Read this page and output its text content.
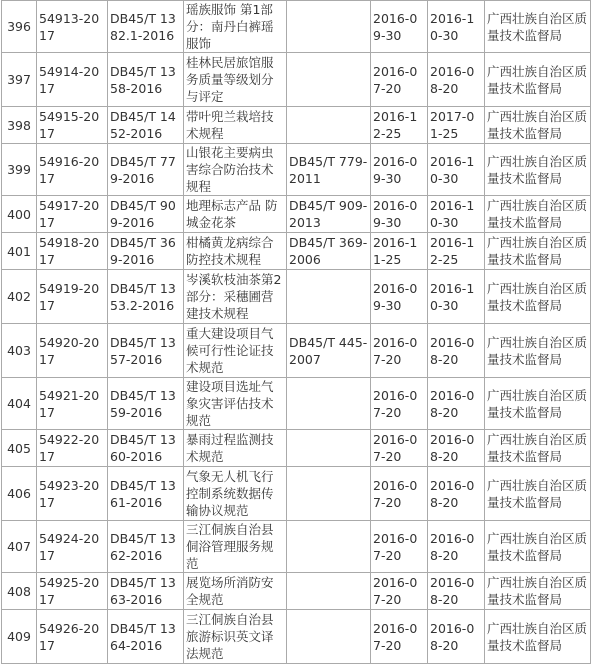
396	54913-2017	DB45/T 1382.1-2016	瑶族服饰 第1部分：南丹白裤瑶服饰		2016-09-30	2016-10-30	广西壮族自治区质量技术监督局
397	54914-2017	DB45/T 1358-2016	桂林民居旅馆服务质量等级划分与评定		2016-07-20	2016-08-20	广西壮族自治区质量技术监督局
398	54915-2017	DB45/T 1452-2016	带叶兜兰栽培技术规程		2016-12-25	2017-01-25	广西壮族自治区质量技术监督局
399	54916-2017	DB45/T 779-2016	山银花主要病虫害综合防治技术规程	DB45/T 779-2011	2016-09-30	2016-10-30	广西壮族自治区质量技术监督局
400	54917-2017	DB45/T 909-2016	地理标志产品 防城金花茶	DB45/T 909-2013	2016-09-30	2016-10-30	广西壮族自治区质量技术监督局
401	54918-2017	DB45/T 369-2016	柑橘黄龙病综合防控技术规程	DB45/T 369-2006	2016-11-25	2016-12-25	广西壮族自治区质量技术监督局
402	54919-2017	DB45/T 1353.2-2016	岑溪软枝油茶第2部分：采穗圃营建技术规程		2016-09-30	2016-10-30	广西壮族自治区质量技术监督局
403	54920-2017	DB45/T 1357-2016	重大建设项目气候可行性论证技术规范	DB45/T 445-2007	2016-07-20	2016-08-20	广西壮族自治区质量技术监督局
404	54921-2017	DB45/T 1359-2016	建设项目选址气象灾害评估技术规范		2016-07-20	2016-08-20	广西壮族自治区质量技术监督局
405	54922-2017	DB45/T 1360-2016	暴雨过程监测技术规范		2016-07-20	2016-08-20	广西壮族自治区质量技术监督局
406	54923-2017	DB45/T 1361-2016	气象无人机飞行控制系统数据传输协议规范		2016-07-20	2016-08-20	广西壮族自治区质量技术监督局
407	54924-2017	DB45/T 1362-2016	三江侗族自治县侗浴管理服务规范		2016-07-20	2016-08-20	广西壮族自治区质量技术监督局
408	54925-2017	DB45/T 1363-2016	展览场所消防安全规范		2016-07-20	2016-08-20	广西壮族自治区质量技术监督局
409	54926-2017	DB45/T 1364-2016	三江侗族自治县旅游标识英文译法规范		2016-07-20	2016-08-20	广西壮族自治区质量技术监督局
